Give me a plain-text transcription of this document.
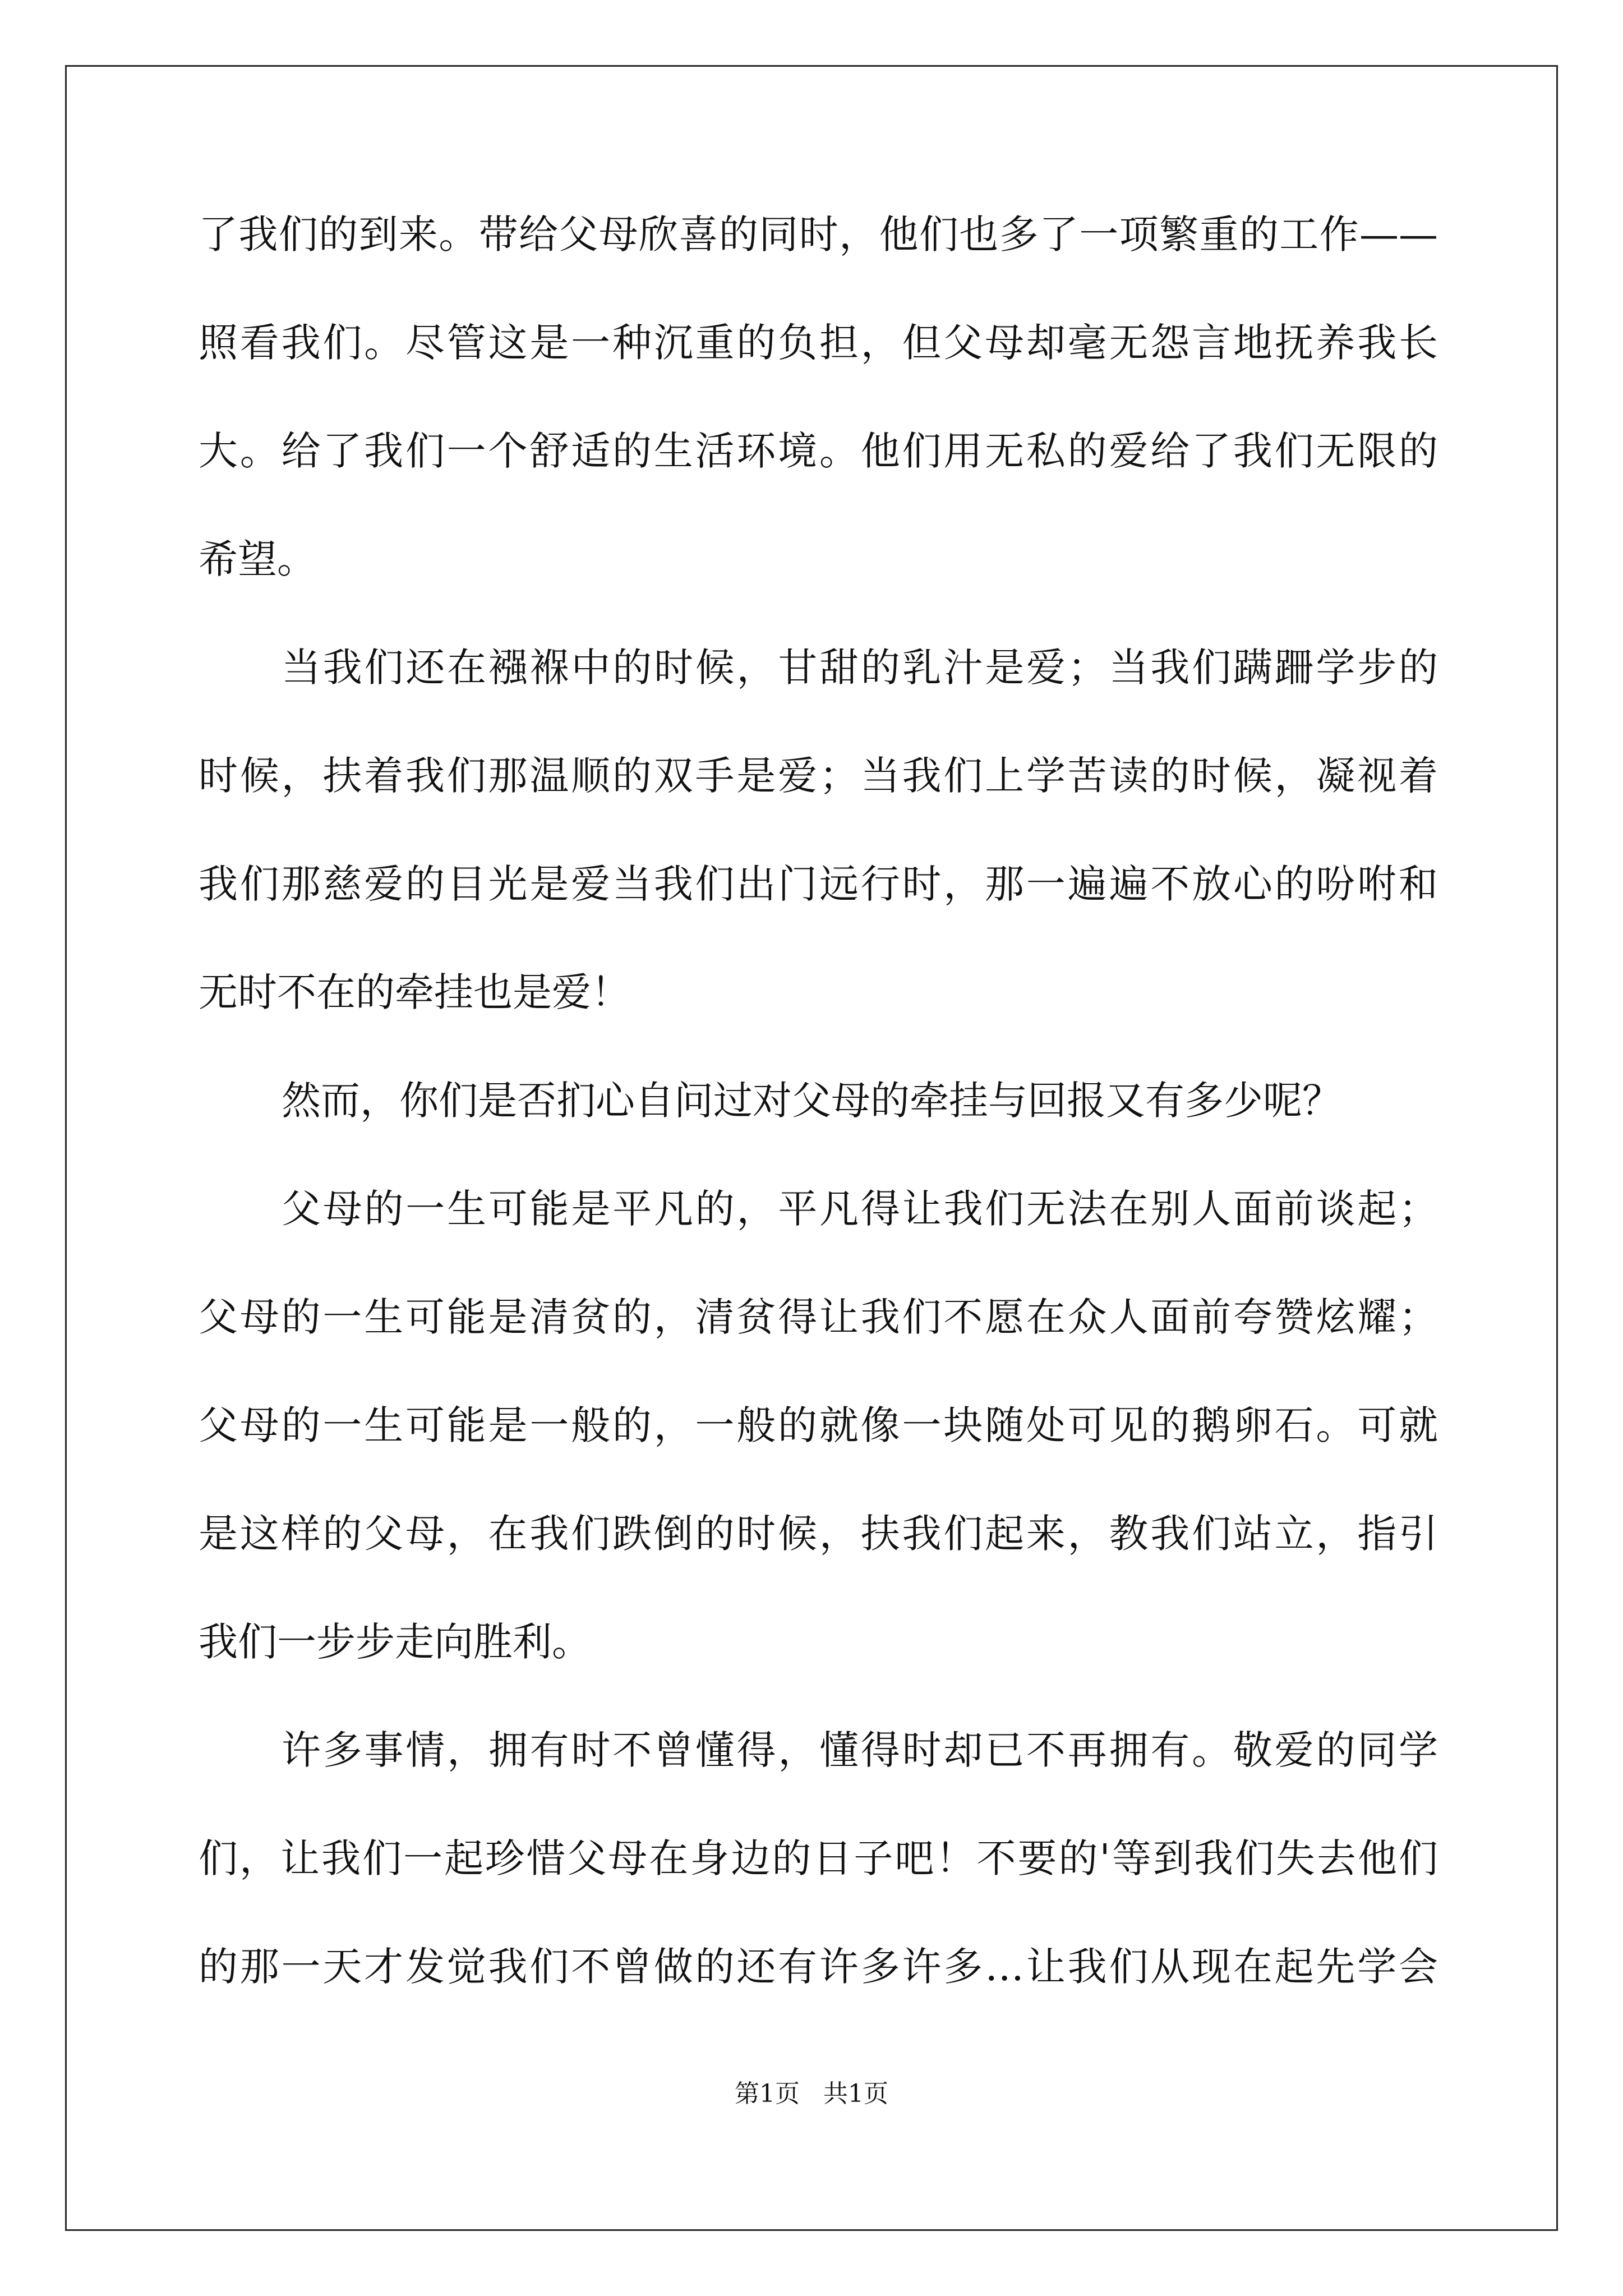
了我们的到来。带给父母欣喜的同时，他们也多了一项繁重的工作——
照看我们。尽管这是一种沉重的负担，但父母却毫无怨言地抚养我长
大。给了我们一个舒适的生活环境。他们用无私的爱给了我们无限的
希望。
当我们还在襁褓中的时候，甘甜的乳汁是爱；当我们蹒跚学步的
时候，扶着我们那温顺的双手是爱；当我们上学苦读的时候，凝视着
我们那慈爱的目光是爱当我们出门远行时，那一遍遍不放心的吩咐和
无时不在的牵挂也是爱！
然而，你们是否扪心自问过对父母的牵挂与回报又有多少呢？
父母的一生可能是平凡的，平凡得让我们无法在别人面前谈起；
父母的一生可能是清贫的，清贫得让我们不愿在众人面前夸赞炫耀；
父母的一生可能是一般的，一般的就像一块随处可见的鹅卵石。可就
是这样的父母，在我们跌倒的时候，扶我们起来，教我们站立，指引
我们一步步走向胜利。
许多事情，拥有时不曾懂得，懂得时却已不再拥有。敬爱的同学
们，让我们一起珍惜父母在身边的日子吧！不要的'等到我们失去他们
的那一天才发觉我们不曾做的还有许多许多…让我们从现在起先学会
第1页 共1页
